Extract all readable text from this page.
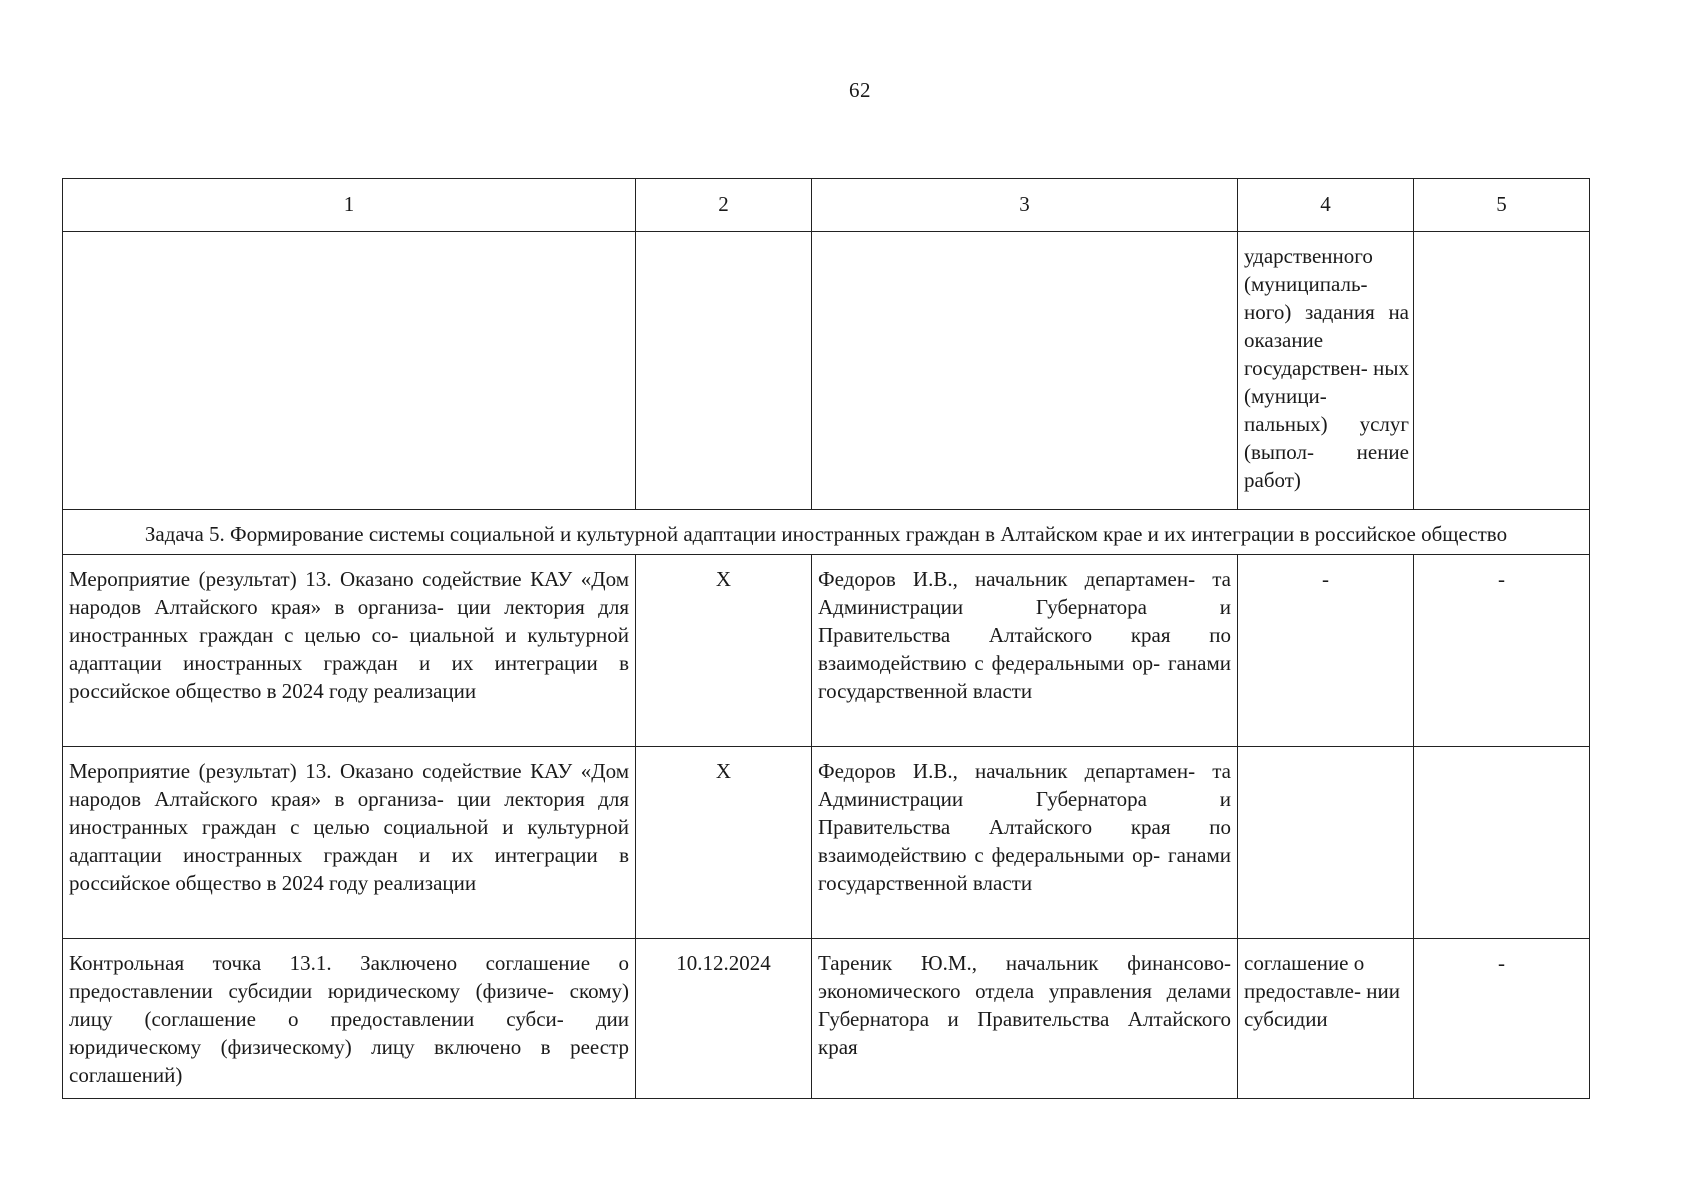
62
1	2	3	4	5
			ударственного (муниципаль- ного) задания на оказание государствен- ных (муници- пальных) услуг (выпол- нение работ)	
Задача 5. Формирование системы социальной и культурной адаптации иностранных граждан в Алтайском крае и их интеграции в российское общество				
Мероприятие (результат) 13. Оказано содействие КАУ «Дом народов Алтайского края» в организа- ции лектория для иностранных граждан с целью со- циальной и культурной адаптации иностранных граждан и их интеграции в российское общество в 2024 году реализации	Х	Федоров И.В., начальник департамен- та Администрации Губернатора и Правительства Алтайского края по взаимодействию с федеральными ор- ганами государственной власти	-	-
Мероприятие (результат) 13. Оказано содействие КАУ «Дом народов Алтайского края» в организа- ции лектория для иностранных граждан с целью социальной и культурной адаптации иностранных граждан и их интеграции в российское общество в 2024 году реализации	Х	Федоров И.В., начальник департамен- та Администрации Губернатора и Правительства Алтайского края по взаимодействию с федеральными ор- ганами государственной власти		
Контрольная точка 13.1. Заключено соглашение о предоставлении субсидии юридическому (физиче- скому) лицу (соглашение о предоставлении субси- дии юридическому (физическому) лицу включено в реестр соглашений)	10.12.2024	Тареник Ю.М., начальник финансово- экономического отдела управления делами Губернатора и Правительства Алтайского края	соглашение о предоставле- нии субсидии	-
